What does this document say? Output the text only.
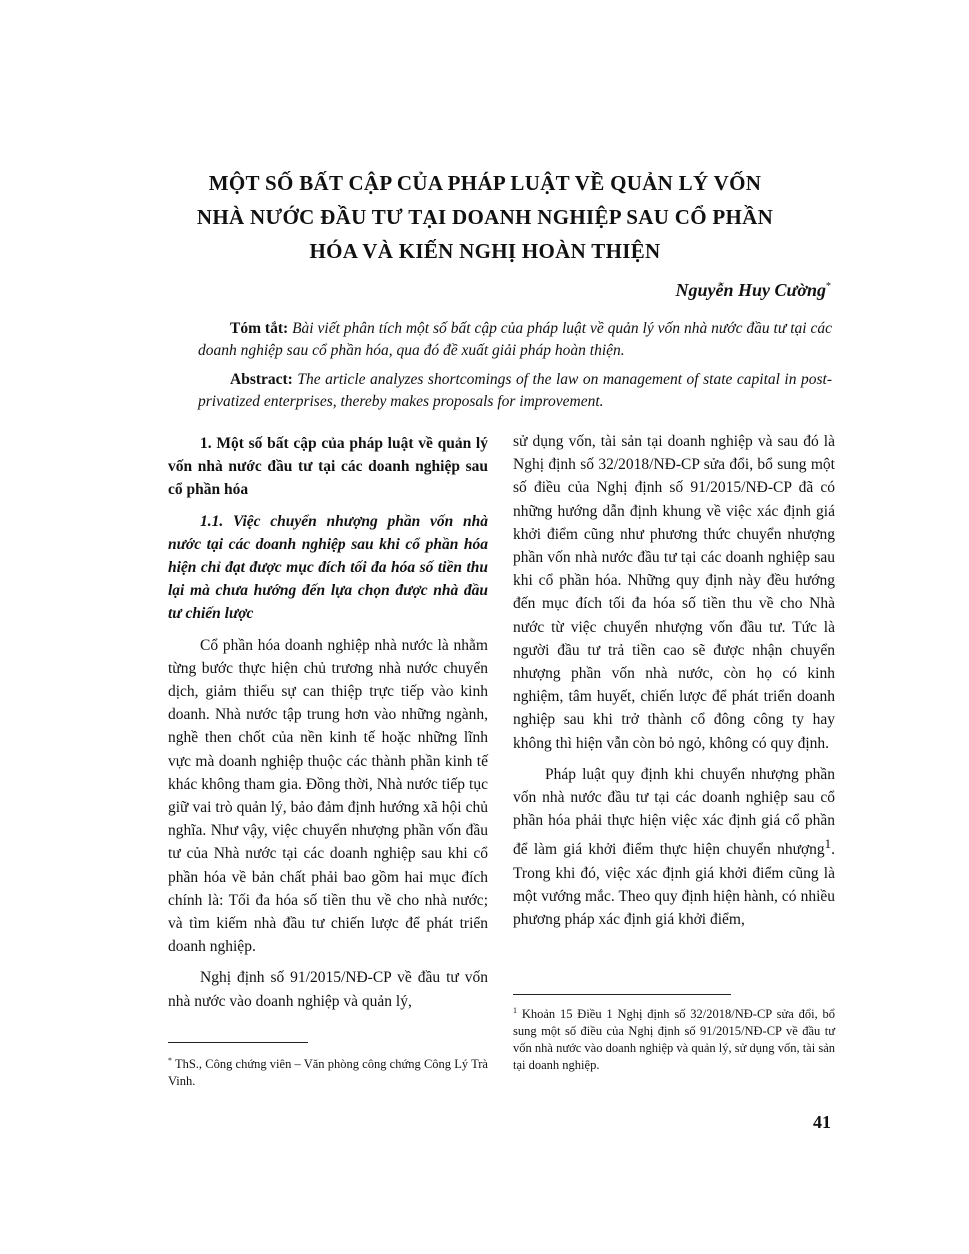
MỘT SỐ BẤT CẬP CỦA PHÁP LUẬT VỀ QUẢN LÝ VỐN
NHÀ NƯỚC ĐẦU TƯ TẠI DOANH NGHIỆP SAU CỔ PHẦN
HÓA VÀ KIẾN NGHỊ HOÀN THIỆN
Nguyễn Huy Cường*
Tóm tắt: Bài viết phân tích một số bất cập của pháp luật về quản lý vốn nhà nước đầu tư tại các doanh nghiệp sau cổ phần hóa, qua đó đề xuất giải pháp hoàn thiện.
Abstract: The article analyzes shortcomings of the law on management of state capital in post-privatized enterprises, thereby makes proposals for improvement.

1. Một số bất cập của pháp luật về quản lý vốn nhà nước đầu tư tại các doanh nghiệp sau cổ phần hóa

1.1. Việc chuyển nhượng phần vốn nhà nước tại các doanh nghiệp sau khi cổ phần hóa hiện chỉ đạt được mục đích tối đa hóa số tiền thu lại mà chưa hướng đến lựa chọn được nhà đầu tư chiến lược

Cổ phần hóa doanh nghiệp nhà nước là nhằm từng bước thực hiện chủ trương nhà nước chuyển dịch, giảm thiểu sự can thiệp trực tiếp vào kinh doanh. Nhà nước tập trung hơn vào những ngành, nghề then chốt của nền kinh tế hoặc những lĩnh vực mà doanh nghiệp thuộc các thành phần kinh tế khác không tham gia. Đồng thời, Nhà nước tiếp tục giữ vai trò quản lý, bảo đảm định hướng xã hội chủ nghĩa. Như vậy, việc chuyển nhượng phần vốn đầu tư của Nhà nước tại các doanh nghiệp sau khi cổ phần hóa về bản chất phải bao gồm hai mục đích chính là: Tối đa hóa số tiền thu về cho nhà nước; và tìm kiếm nhà đầu tư chiến lược để phát triển doanh nghiệp.

Nghị định số 91/2015/NĐ-CP về đầu tư vốn nhà nước vào doanh nghiệp và quản lý,

sử dụng vốn, tài sản tại doanh nghiệp và sau đó là Nghị định số 32/2018/NĐ-CP sửa đổi, bổ sung một số điều của Nghị định số 91/2015/NĐ-CP đã có những hướng dẫn định khung về việc xác định giá khởi điểm cũng như phương thức chuyển nhượng phần vốn nhà nước đầu tư tại các doanh nghiệp sau khi cổ phần hóa. Những quy định này đều hướng đến mục đích tối đa hóa số tiền thu về cho Nhà nước từ việc chuyển nhượng vốn đầu tư. Tức là người đầu tư trả tiền cao sẽ được nhận chuyển nhượng phần vốn nhà nước, còn họ có kinh nghiệm, tâm huyết, chiến lược để phát triển doanh nghiệp sau khi trở thành cổ đông công ty hay không thì hiện vẫn còn bỏ ngỏ, không có quy định.

Pháp luật quy định khi chuyển nhượng phần vốn nhà nước đầu tư tại các doanh nghiệp sau cổ phần hóa phải thực hiện việc xác định giá cổ phần để làm giá khởi điểm thực hiện chuyển nhượng$^1$. Trong khi đó, việc xác định giá khởi điểm cũng là một vướng mắc. Theo quy định hiện hành, có nhiều phương pháp xác định giá khởi điểm,

* ThS., Công chứng viên – Văn phòng công chứng Công Lý Trà Vinh.
$^1$ Khoản 15 Điều 1 Nghị định số 32/2018/NĐ-CP sửa đổi, bổ sung một số điều của Nghị định số 91/2015/NĐ-CP về đầu tư vốn nhà nước vào doanh nghiệp và quản lý, sử dụng vốn, tài sản tại doanh nghiệp.
41
